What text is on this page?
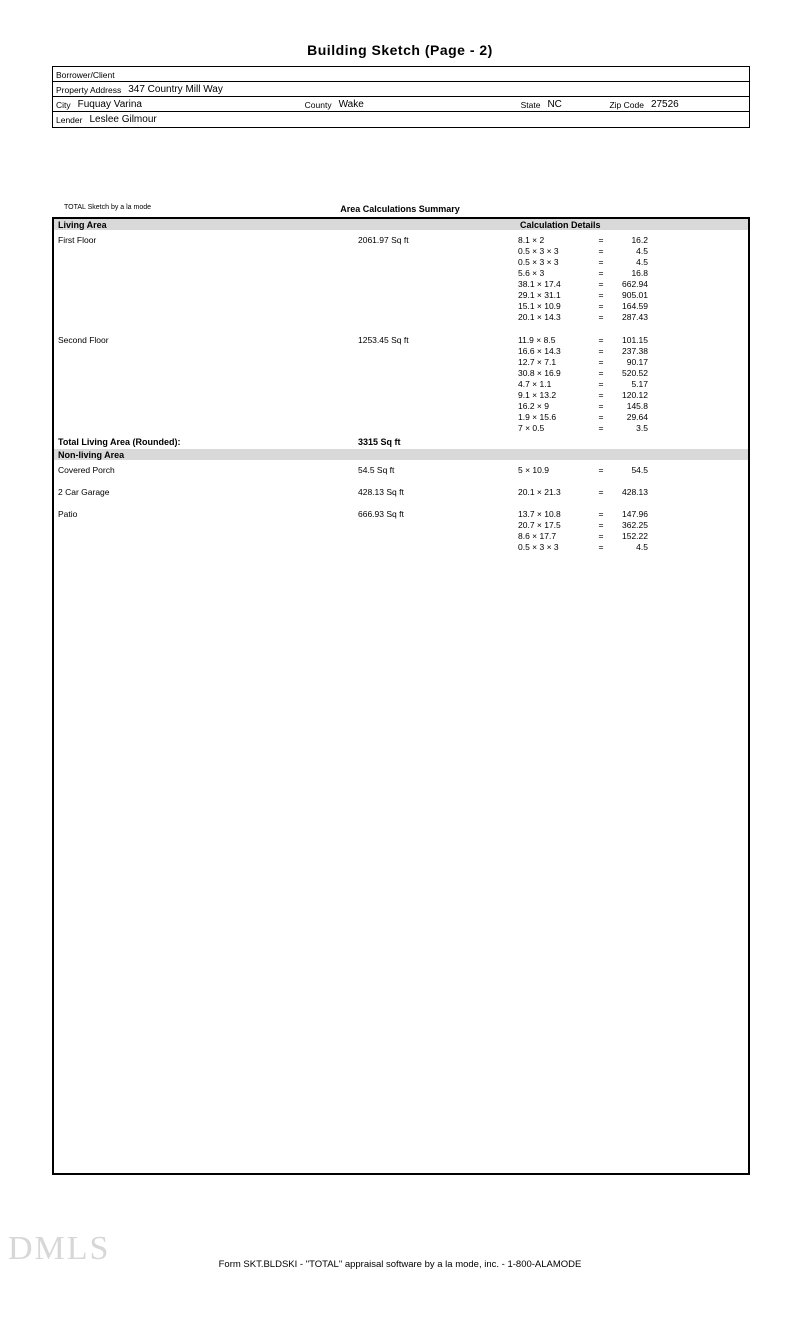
Building Sketch (Page - 2)
Borrower/Client
Property Address 347 Country Mill Way
City Fuquay Varina	County Wake	State NC	Zip Code 27526
Lender Leslee Gilmour
TOTAL Sketch by a la mode	Area Calculations Summary
Living Area	Calculation Details
First Floor	2061.97 Sq ft	8.1 × 2	=	16.2
0.5 × 3 × 3	=	4.5
0.5 × 3 × 3	=	4.5
5.6 × 3	=	16.8
38.1 × 17.4	=	662.94
29.1 × 31.1	=	905.01
15.1 × 10.9	=	164.59
20.1 × 14.3	=	287.43

Second Floor	1253.45 Sq ft	11.9 × 8.5	=	101.15
16.6 × 14.3	=	237.38
12.7 × 7.1	=	90.17
30.8 × 16.9	=	520.52
4.7 × 1.1	=	5.17
9.1 × 13.2	=	120.12
16.2 × 9	=	145.8
1.9 × 15.6	=	29.64
7 × 0.5	=	3.5
Total Living Area (Rounded):	3315 Sq ft	
Non-living Area
Covered Porch	54.5 Sq ft	5 × 10.9 = 54.5

2 Car Garage	428.13 Sq ft	20.1 × 21.3 = 428.13

Patio	666.93 Sq ft	13.7 × 10.8	=	147.96
20.7 × 17.5	=	362.25
8.6 × 17.7	=	152.22
0.5 × 3 × 3	=	4.5
DMLS	Form SKT.BLDSKI - "TOTAL" appraisal software by a la mode, inc. - 1-800-ALAMODE
